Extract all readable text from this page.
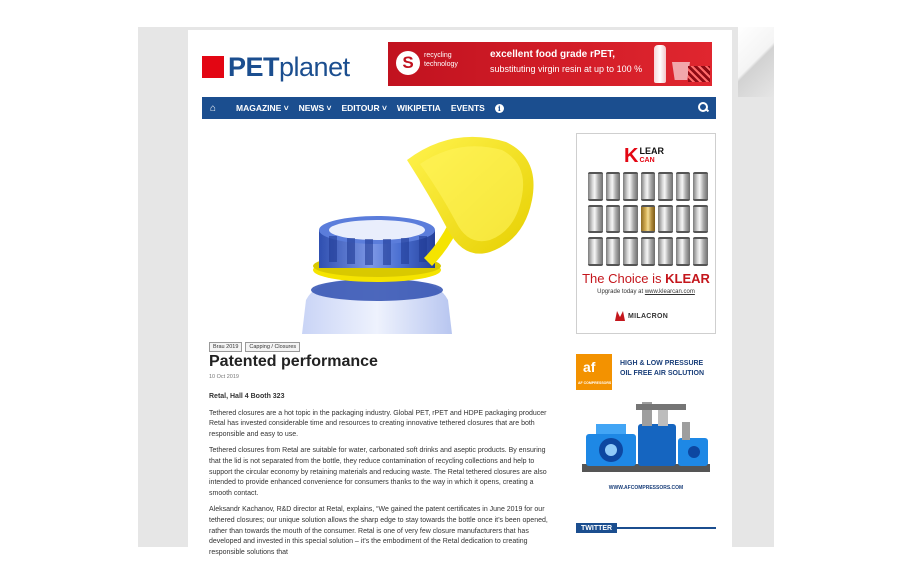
PET planet	S	recycling technology
excellent food grade rPET,
substituting virgin resin at up to 100 %
⌂	MAGAZINE ˅ NEWS ˅ EDITOUR ˅ WIKIPETIA EVENTS	i
Brau 2019	Capping / Closures
Patented performance
10 Oct 2019

Retal, Hall 4 Booth 323

Tethered closures are a hot topic in the packaging industry. Global PET, rPET and HDPE packaging producer Retal has invested considerable time and resources to creating innovative tethered closures that are both responsible and easy to use.

Tethered closures from Retal are suitable for water, carbonated soft drinks and aseptic products. By ensuring that the lid is not separated from the bottle, they reduce contamination of recycling collections and help to support the circular economy by retaining materials and reducing waste. The Retal tethered closures are also intended to provide enhanced convenience for consumers thanks to the way in which it opens, creating a smooth contact.

Aleksandr Kachanov, R&D director at Retal, explains, “We gained the patent certificates in June 2019 for our tethered closures; our unique solution allows the sharp edge to stay towards the bottle once it’s been opened, rather than towards the mouth of the consumer. Retal is one of very few closure manufacturers that has developed and invested in this special solution – it’s the embodiment of the Retal dedication to creating responsible solutions that

K LEAR
CAN
The Choice is KLEAR
Upgrade today at www.klearcan.com
MILACRON
af
AF COMPRESSORS
HIGH & LOW PRESSURE
OIL FREE AIR SOLUTION
WWW.AFCOMPRESSORS.COM
TWITTER
